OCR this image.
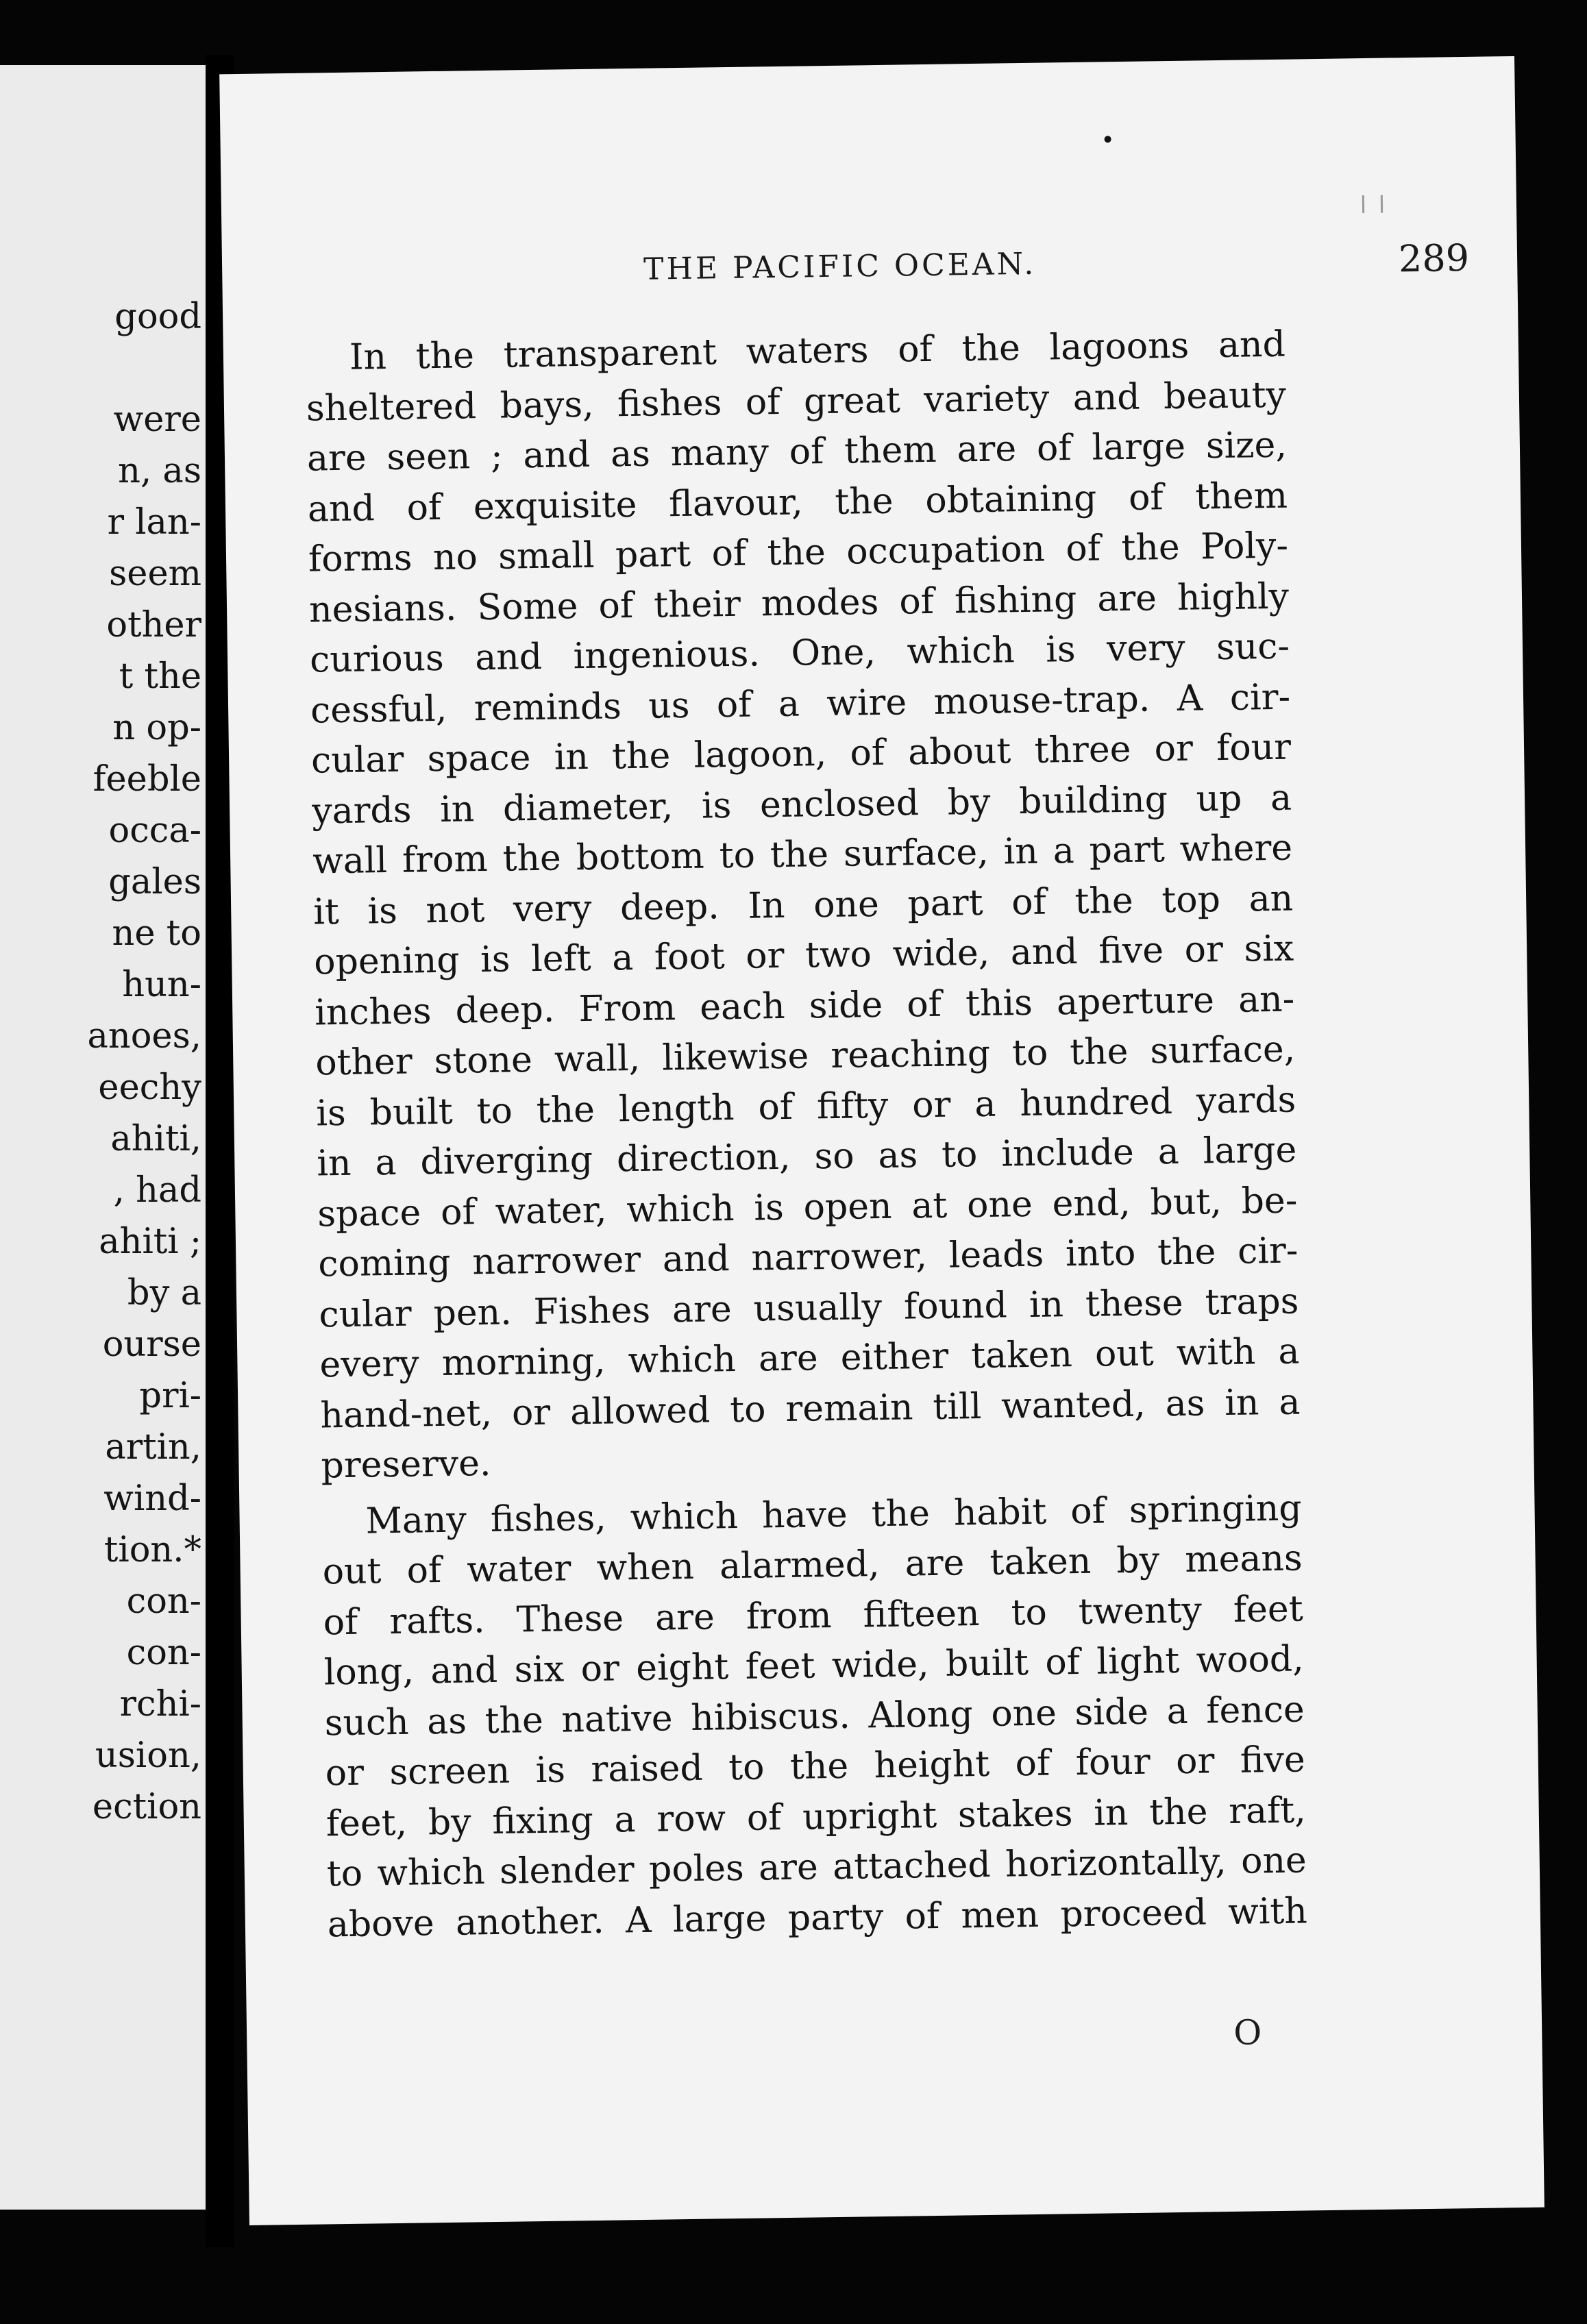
good
were
n, as
r lan-
seem
other
t the
n op-
feeble
occa-
gales
ne to
hun-
anoes,
eechy
ahiti,
, had
ahiti ;
by a
ourse
pri-
artin,
wind-
tion.*
con-
con-
rchi-
usion,
ection
THE PACIFIC OCEAN.	289
In the transparent waters of the lagoons and
sheltered bays, fishes of great variety and beauty
are seen ; and as many of them are of large size,
and of exquisite flavour, the obtaining of them
forms no small part of the occupation of the Poly-
nesians. Some of their modes of fishing are highly
curious and ingenious. One, which is very suc-
cessful, reminds us of a wire mouse-trap. A cir-
cular space in the lagoon, of about three or four
yards in diameter, is enclosed by building up a
wall from the bottom to the surface, in a part where
it is not very deep. In one part of the top an
opening is left a foot or two wide, and five or six
inches deep. From each side of this aperture an-
other stone wall, likewise reaching to the surface,
is built to the length of fifty or a hundred yards
in a diverging direction, so as to include a large
space of water, which is open at one end, but, be-
coming narrower and narrower, leads into the cir-
cular pen. Fishes are usually found in these traps
every morning, which are either taken out with a
hand-net, or allowed to remain till wanted, as in a
preserve.
Many fishes, which have the habit of springing
out of water when alarmed, are taken by means
of rafts. These are from fifteen to twenty feet
long, and six or eight feet wide, built of light wood,
such as the native hibiscus. Along one side a fence
or screen is raised to the height of four or five
feet, by fixing a row of upright stakes in the raft,
to which slender poles are attached horizontally, one
above another. A large party of men proceed with
O
